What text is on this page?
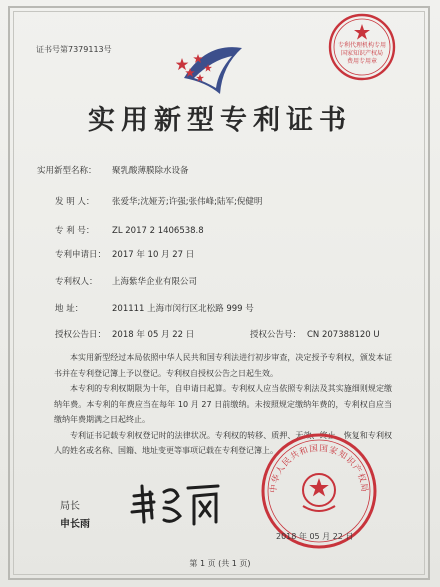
证书号第7379113号	专利代理机构专用
国家知识产权局
费用专用章
实用新型专利证书
实用新型名称： 聚乳酸薄膜除水设备
发 明 人： 张爱华;沈娅芳;许强;张伟峰;陆军;倪健明
专 利 号： ZL 2017 2 1406538.8
专利申请日： 2017 年 10 月 27 日
专利权人： 上海紫华企业有限公司
地 址：	201111 上海市闵行区北松路 999 号
授权公告日： 2018 年 05 月 22 日	授权公告号： CN 207388120 U

本实用新型经过本局依照中华人民共和国专利法进行初步审查，决定授予专利权，颁发本证书并在专利登记簿上予以登记。专利权自授权公告之日起生效。

本专利的专利权期限为十年，自申请日起算。专利权人应当依照专利法及其实施细则规定缴纳年费。本专利的年费应当在每年 10 月 27 日前缴纳。未按照规定缴纳年费的，专利权自应当缴纳年费期满之日起终止。

专利证书记载专利权登记时的法律状况。专利权的转移、质押、无效、终止、恢复和专利权人的姓名或名称、国籍、地址变更等事项记载在专利登记簿上。

中华人民共和国国家知识产权局
2018 年 05 月 22 日
局长
申长雨
第 1 页 (共 1 页)
